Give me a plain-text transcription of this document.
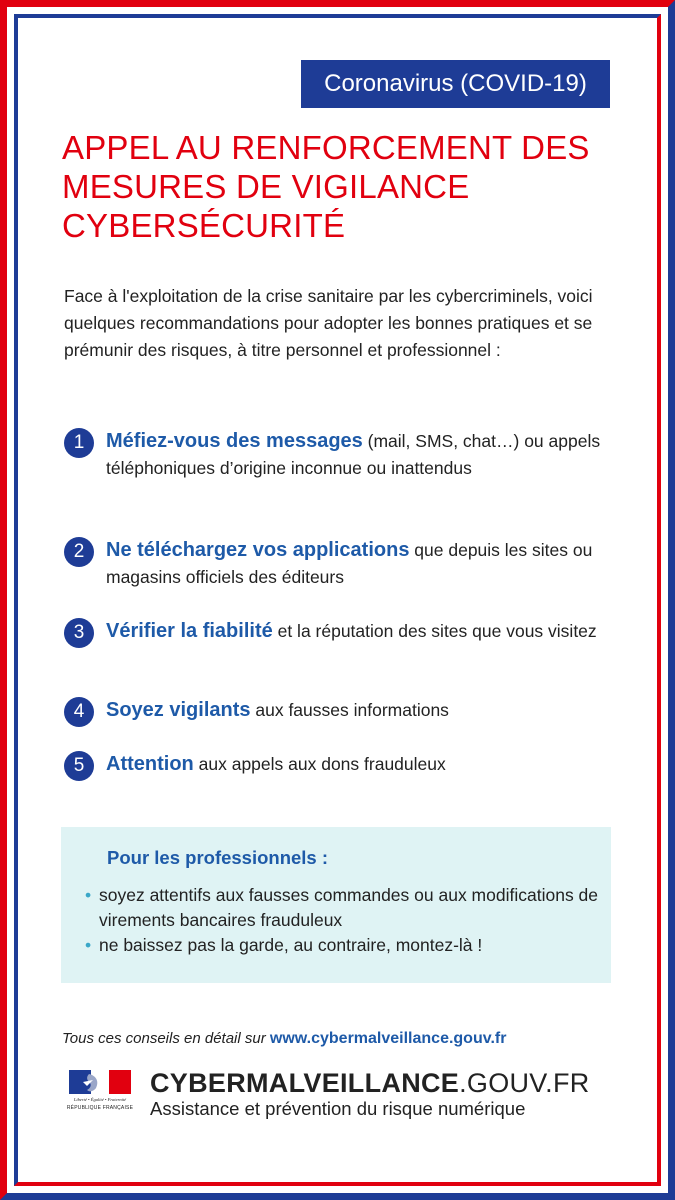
Coronavirus (COVID-19)
APPEL AU RENFORCEMENT DES MESURES DE VIGILANCE CYBERSÉCURITÉ
Face à l'exploitation de la crise sanitaire par les cybercriminels, voici quelques recommandations pour adopter les bonnes pratiques et se prémunir des risques, à titre personnel et professionnel :
1	Méfiez-vous des messages (mail, SMS, chat…) ou appels téléphoniques d’origine inconnue ou inattendus
2	Ne téléchargez vos applications que depuis les sites ou magasins officiels des éditeurs
3	Vérifier la fiabilité et la réputation des sites que vous visitez
4	Soyez vigilants aux fausses informations
5	Attention aux appels aux dons frauduleux
Pour les professionnels :
• soyez attentifs aux fausses commandes ou aux modifications de virements bancaires frauduleux
• ne baissez pas la garde, au contraire, montez-là !
Tous ces conseils en détail sur www.cybermalveillance.gouv.fr
Liberté • Égalité • Fraternité
RÉPUBLIQUE FRANÇAISE
CYBERMALVEILLANCE.GOUV.FR
Assistance et prévention du risque numérique
